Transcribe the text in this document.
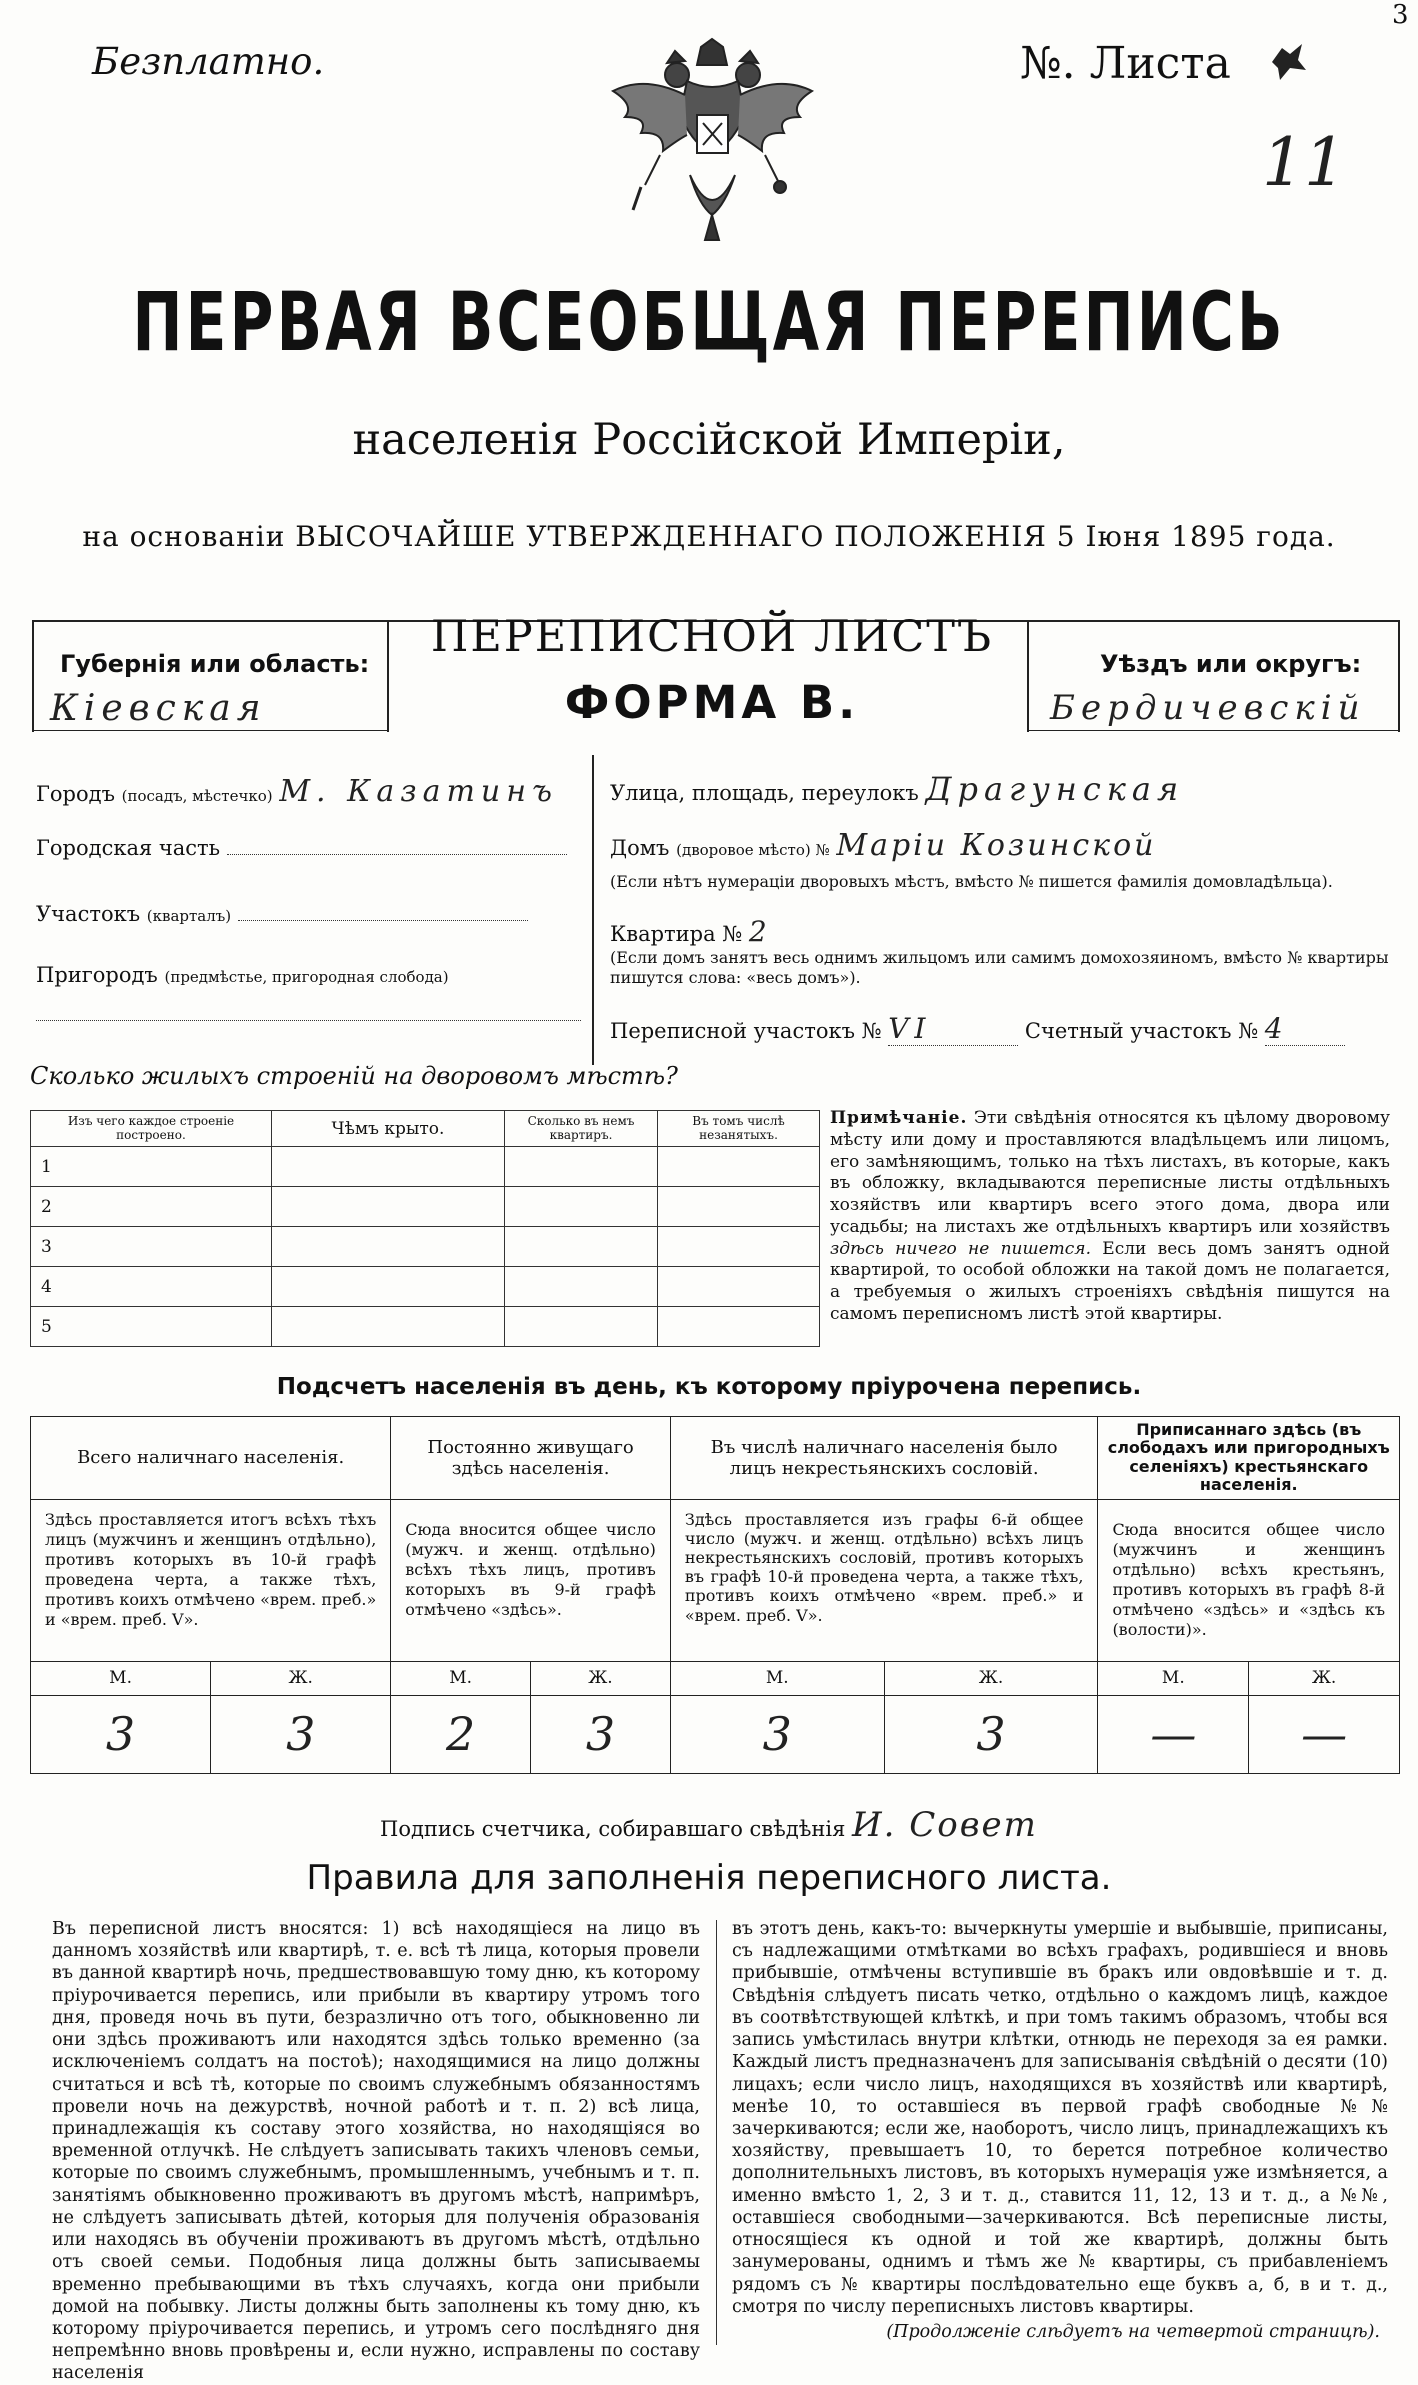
Безплатно.	№. Листа
3
11
ПЕРВАЯ ВСЕОБЩАЯ ПЕРЕПИСЬ
населенія Россійской Имперіи,
на основаніи ВЫСОЧАЙШЕ УТВЕРЖДЕННАГО ПОЛОЖЕНІЯ 5 Іюня 1895 года.
Губернія или область:
Кіевская
ПЕРЕПИСНОЙ ЛИСТЪ
ФОРМА В.
Уѣздъ или округъ:
Бердичевскій
Городъ (посадъ, мѣстечко) М. Казатинъ
Городская часть
Участокъ (кварталъ)
Пригородъ (предмѣстье, пригородная слобода)
Улица, площадь, переулокъ Драгунская
Домъ (дворовое мѣсто) № Маріи Козинской
(Если нѣтъ нумераціи дворовыхъ мѣстъ, вмѣсто № пишется фамилія домовладѣльца).
Квартира № 2
(Если домъ занятъ весь однимъ жильцомъ или самимъ домохозяиномъ, вмѣсто № квартиры пишутся слова: «весь домъ»).
Переписной участокъ № VI	Счетный участокъ № 4
Сколько жилыхъ строеній на дворовомъ мѣстѣ?
Изъ чего каждое строеніе построено.	Чѣмъ крыто.	Сколько въ немъ квартиръ.	Въ томъ числѣ незанятыхъ.
1			
2			
3			
4			
5			
Примѣчаніе. Эти свѣдѣнія относятся къ цѣлому дворовому мѣсту или дому и проставляются владѣльцемъ или лицомъ, его замѣняющимъ, только на тѣхъ листахъ, въ которые, какъ въ обложку, вкладываются переписные листы отдѣльныхъ хозяйствъ или квартиръ всего этого дома, двора или усадьбы; на листахъ же отдѣльныхъ квартиръ или хозяйствъ здѣсь ничего не пишется. Если весь домъ занятъ одной квартирой, то особой обложки на такой домъ не полагается, а требуемыя о жилыхъ строеніяхъ свѣдѣнія пишутся на самомъ переписномъ листѣ этой квартиры.
Подсчетъ населенія въ день, къ которому пріурочена перепись.
Всего наличнаго населенія.		Постоянно живущаго здѣсь населенія.		Въ числѣ наличнаго населенія было лицъ некрестьянскихъ сословій.		Приписаннаго здѣсь (въ слободахъ или пригородныхъ селеніяхъ) крестьянскаго населенія.	
Здѣсь проставляется итогъ всѣхъ тѣхъ лицъ (мужчинъ и женщинъ отдѣльно), противъ которыхъ въ 10-й графѣ проведена черта, а также тѣхъ, противъ коихъ отмѣчено «врем. преб.» и «врем. преб. V».		Сюда вносится общее число (мужч. и женщ. отдѣльно) всѣхъ тѣхъ лицъ, противъ которыхъ въ 9-й графѣ отмѣчено «здѣсь».		Здѣсь проставляется изъ графы 6-й общее число (мужч. и женщ. отдѣльно) всѣхъ лицъ некрестьянскихъ сословій, противъ которыхъ въ графѣ 10-й проведена черта, а также тѣхъ, противъ коихъ отмѣчено «врем. преб.» и «врем. преб. V».		Сюда вносится общее число (мужчинъ и женщинъ отдѣльно) всѣхъ крестьянъ, противъ которыхъ въ графѣ 8-й отмѣчено «здѣсь» и «здѣсь къ (волости)».	
М.	Ж.	М.	Ж.	М.	Ж.	М.	Ж.
3	3	2	3	3	3	—	—
Подпись счетчика, собиравшаго свѣдѣнія И. Совет
Правила для заполненія переписного листа.
Въ переписной листъ вносятся: 1) всѣ находящіеся на лицо въ данномъ хозяйствѣ или квартирѣ, т. е. всѣ тѣ лица, которыя провели въ данной квартирѣ ночь, предшествовавшую тому дню, къ которому пріурочивается перепись, или прибыли въ квартиру утромъ того дня, проведя ночь въ пути, безразлично отъ того, обыкновенно ли они здѣсь проживаютъ или находятся здѣсь только временно (за исключеніемъ солдатъ на постоѣ); находящимися на лицо должны считаться и всѣ тѣ, которые по своимъ служебнымъ обязанностямъ провели ночь на дежурствѣ, ночной работѣ и т. п. 2) всѣ лица, принадлежащія къ составу этого хозяйства, но находящіяся во временной отлучкѣ. Не слѣдуетъ записывать такихъ членовъ семьи, которые по своимъ служебнымъ, промышленнымъ, учебнымъ и т. п. занятіямъ обыкновенно проживаютъ въ другомъ мѣстѣ, напримѣръ, не слѣдуетъ записывать дѣтей, которыя для полученія образованія или находясь въ обученіи проживаютъ въ другомъ мѣстѣ, отдѣльно отъ своей семьи. Подобныя лица должны быть записываемы временно пребывающими въ тѣхъ случаяхъ, когда они прибыли домой на побывку. Листы должны быть заполнены къ тому дню, къ которому пріурочивается перепись, и утромъ сего послѣдняго дня непремѣнно вновь провѣрены и, если нужно, исправлены по составу населенія
въ этотъ день, какъ-то: вычеркнуты умершіе и выбывшіе, приписаны, съ надлежащими отмѣтками во всѣхъ графахъ, родившіеся и вновь прибывшіе, отмѣчены вступившіе въ бракъ или овдовѣвшіе и т. д. Свѣдѣнія слѣдуетъ писать четко, отдѣльно о каждомъ лицѣ, каждое въ соотвѣтствующей клѣткѣ, и при томъ такимъ образомъ, чтобы вся запись умѣстилась внутри клѣтки, отнюдь не переходя за ея рамки. Каждый листъ предназначенъ для записыванія свѣдѣній о десяти (10) лицахъ; если число лицъ, находящихся въ хозяйствѣ или квартирѣ, менѣе 10, то оставшіеся въ первой графѣ свободные №№ зачеркиваются; если же, наоборотъ, число лицъ, принадлежащихъ къ хозяйству, превышаетъ 10, то берется потребное количество дополнительныхъ листовъ, въ которыхъ нумерація уже измѣняется, а именно вмѣсто 1, 2, 3 и т. д., ставится 11, 12, 13 и т. д., а №№, оставшіеся свободными—зачеркиваются. Всѣ переписные листы, относящіеся къ одной и той же квартирѣ, должны быть занумерованы, однимъ и тѣмъ же № квартиры, съ прибавленіемъ рядомъ съ № квартиры послѣдовательно еще буквъ а, б, в и т. д., смотря по числу переписныхъ листовъ квартиры.
(Продолженіе слѣдуетъ на четвертой страницѣ).
